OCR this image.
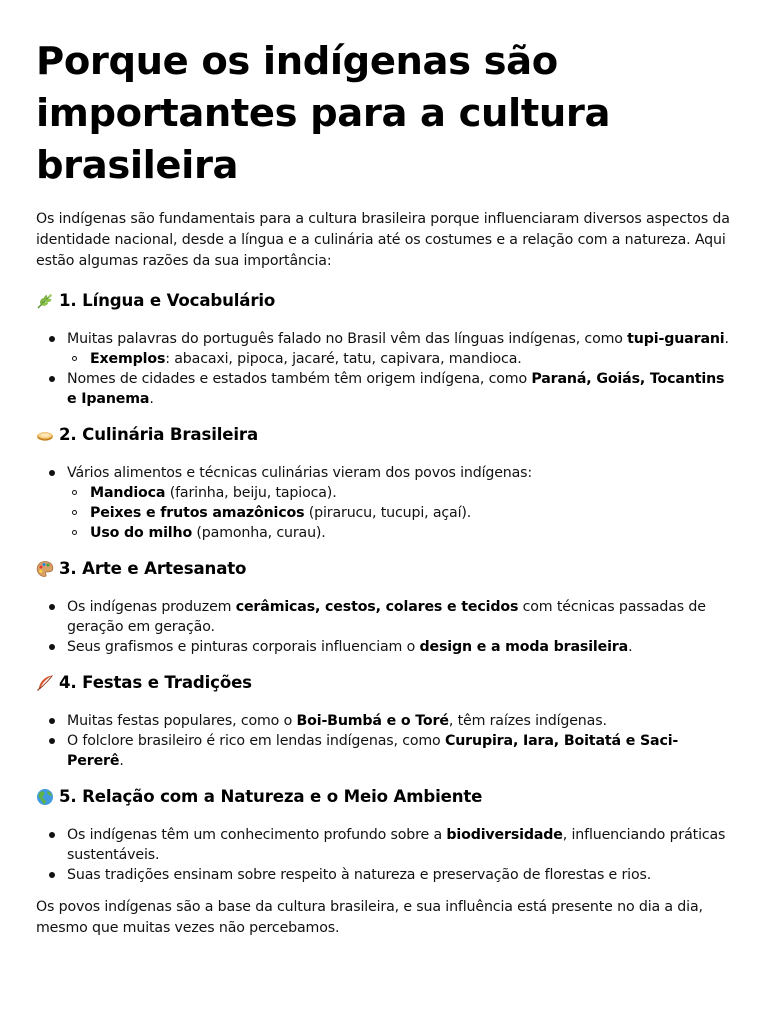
Porque os indígenas são importantes para a cultura brasileira

Os indígenas são fundamentais para a cultura brasileira porque influenciaram diversos aspectos da identidade nacional, desde a língua e a culinária até os costumes e a relação com a natureza. Aqui estão algumas razões da sua importância:

1. Língua e Vocabulário
Muitas palavras do português falado no Brasil vêm das línguas indígenas, como tupi-guarani.
Exemplos: abacaxi, pipoca, jacaré, tatu, capivara, mandioca.
Nomes de cidades e estados também têm origem indígena, como Paraná, Goiás, Tocantins e Ipanema.
2. Culinária Brasileira
Vários alimentos e técnicas culinárias vieram dos povos indígenas:
Mandioca (farinha, beiju, tapioca).
Peixes e frutos amazônicos (pirarucu, tucupi, açaí).
Uso do milho (pamonha, curau).
3. Arte e Artesanato
Os indígenas produzem cerâmicas, cestos, colares e tecidos com técnicas passadas de geração em geração.
Seus grafismos e pinturas corporais influenciam o design e a moda brasileira.
4. Festas e Tradições
Muitas festas populares, como o Boi-Bumbá e o Toré, têm raízes indígenas.
O folclore brasileiro é rico em lendas indígenas, como Curupira, Iara, Boitatá e Saci-Pererê.
5. Relação com a Natureza e o Meio Ambiente
Os indígenas têm um conhecimento profundo sobre a biodiversidade, influenciando práticas sustentáveis.
Suas tradições ensinam sobre respeito à natureza e preservação de florestas e rios.

Os povos indígenas são a base da cultura brasileira, e sua influência está presente no dia a dia, mesmo que muitas vezes não percebamos.
